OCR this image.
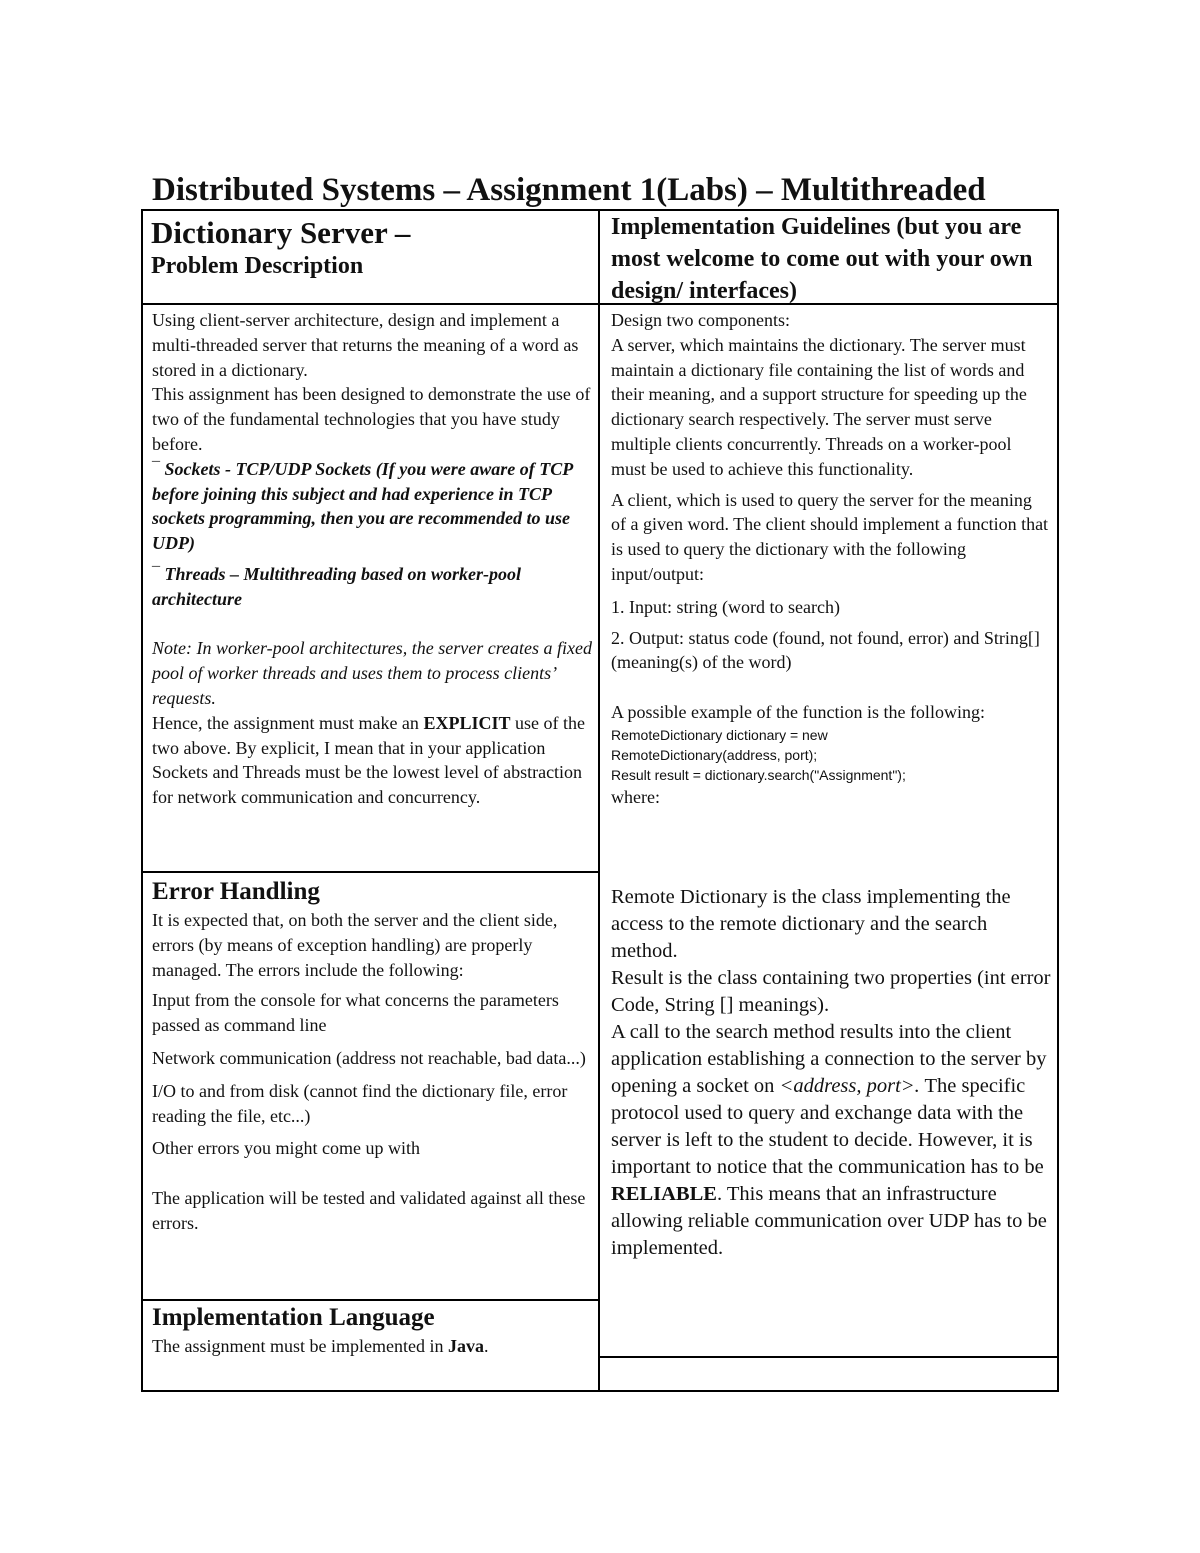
Distributed Systems – Assignment 1(Labs) – Multithreaded
Dictionary Server –
Problem Description
Implementation Guidelines (but you are most welcome to come out with your own design/ interfaces)

Using client-server architecture, design and implement a multi-threaded server that returns the meaning of a word as stored in a dictionary.

This assignment has been designed to demonstrate the use of two of the fundamental technologies that you have study before.

¯ Sockets - TCP/UDP Sockets (If you were aware of TCP before joining this subject and had experience in TCP sockets programming, then you are recommended to use UDP)

¯ Threads – Multithreading based on worker-pool architecture

Note: In worker-pool architectures, the server creates a fixed pool of worker threads and uses them to process clients’ requests.

Hence, the assignment must make an EXPLICIT use of the two above. By explicit, I mean that in your application Sockets and Threads must be the lowest level of abstraction for network communication and concurrency.

Error Handling

It is expected that, on both the server and the client side, errors (by means of exception handling) are properly managed. The errors include the following:

Input from the console for what concerns the parameters passed as command line

Network communication (address not reachable, bad data...)

I/O to and from disk (cannot find the dictionary file, error reading the file, etc...)

Other errors you might come up with

The application will be tested and validated against all these errors.

Implementation Language

The assignment must be implemented in Java.

Design two components:

A server, which maintains the dictionary. The server must maintain a dictionary file containing the list of words and their meaning, and a support structure for speeding up the dictionary search respectively. The server must serve multiple clients concurrently. Threads on a worker-pool must be used to achieve this functionality.

A client, which is used to query the server for the meaning of a given word. The client should implement a function that is used to query the dictionary with the following input/output:

1. Input: string (word to search)

2. Output: status code (found, not found, error) and String[] (meaning(s) of the word)

A possible example of the function is the following:

RemoteDictionary dictionary = new
RemoteDictionary(address, port);
Result result = dictionary.search("Assignment");

where:

Remote Dictionary is the class implementing the access to the remote dictionary and the search method.
Result is the class containing two properties (int error Code, String [] meanings).
A call to the search method results into the client application establishing a connection to the server by opening a socket on <address, port>. The specific protocol used to query and exchange data with the server is left to the student to decide. However, it is important to notice that the communication has to be RELIABLE. This means that an infrastructure allowing reliable communication over UDP has to be implemented.
